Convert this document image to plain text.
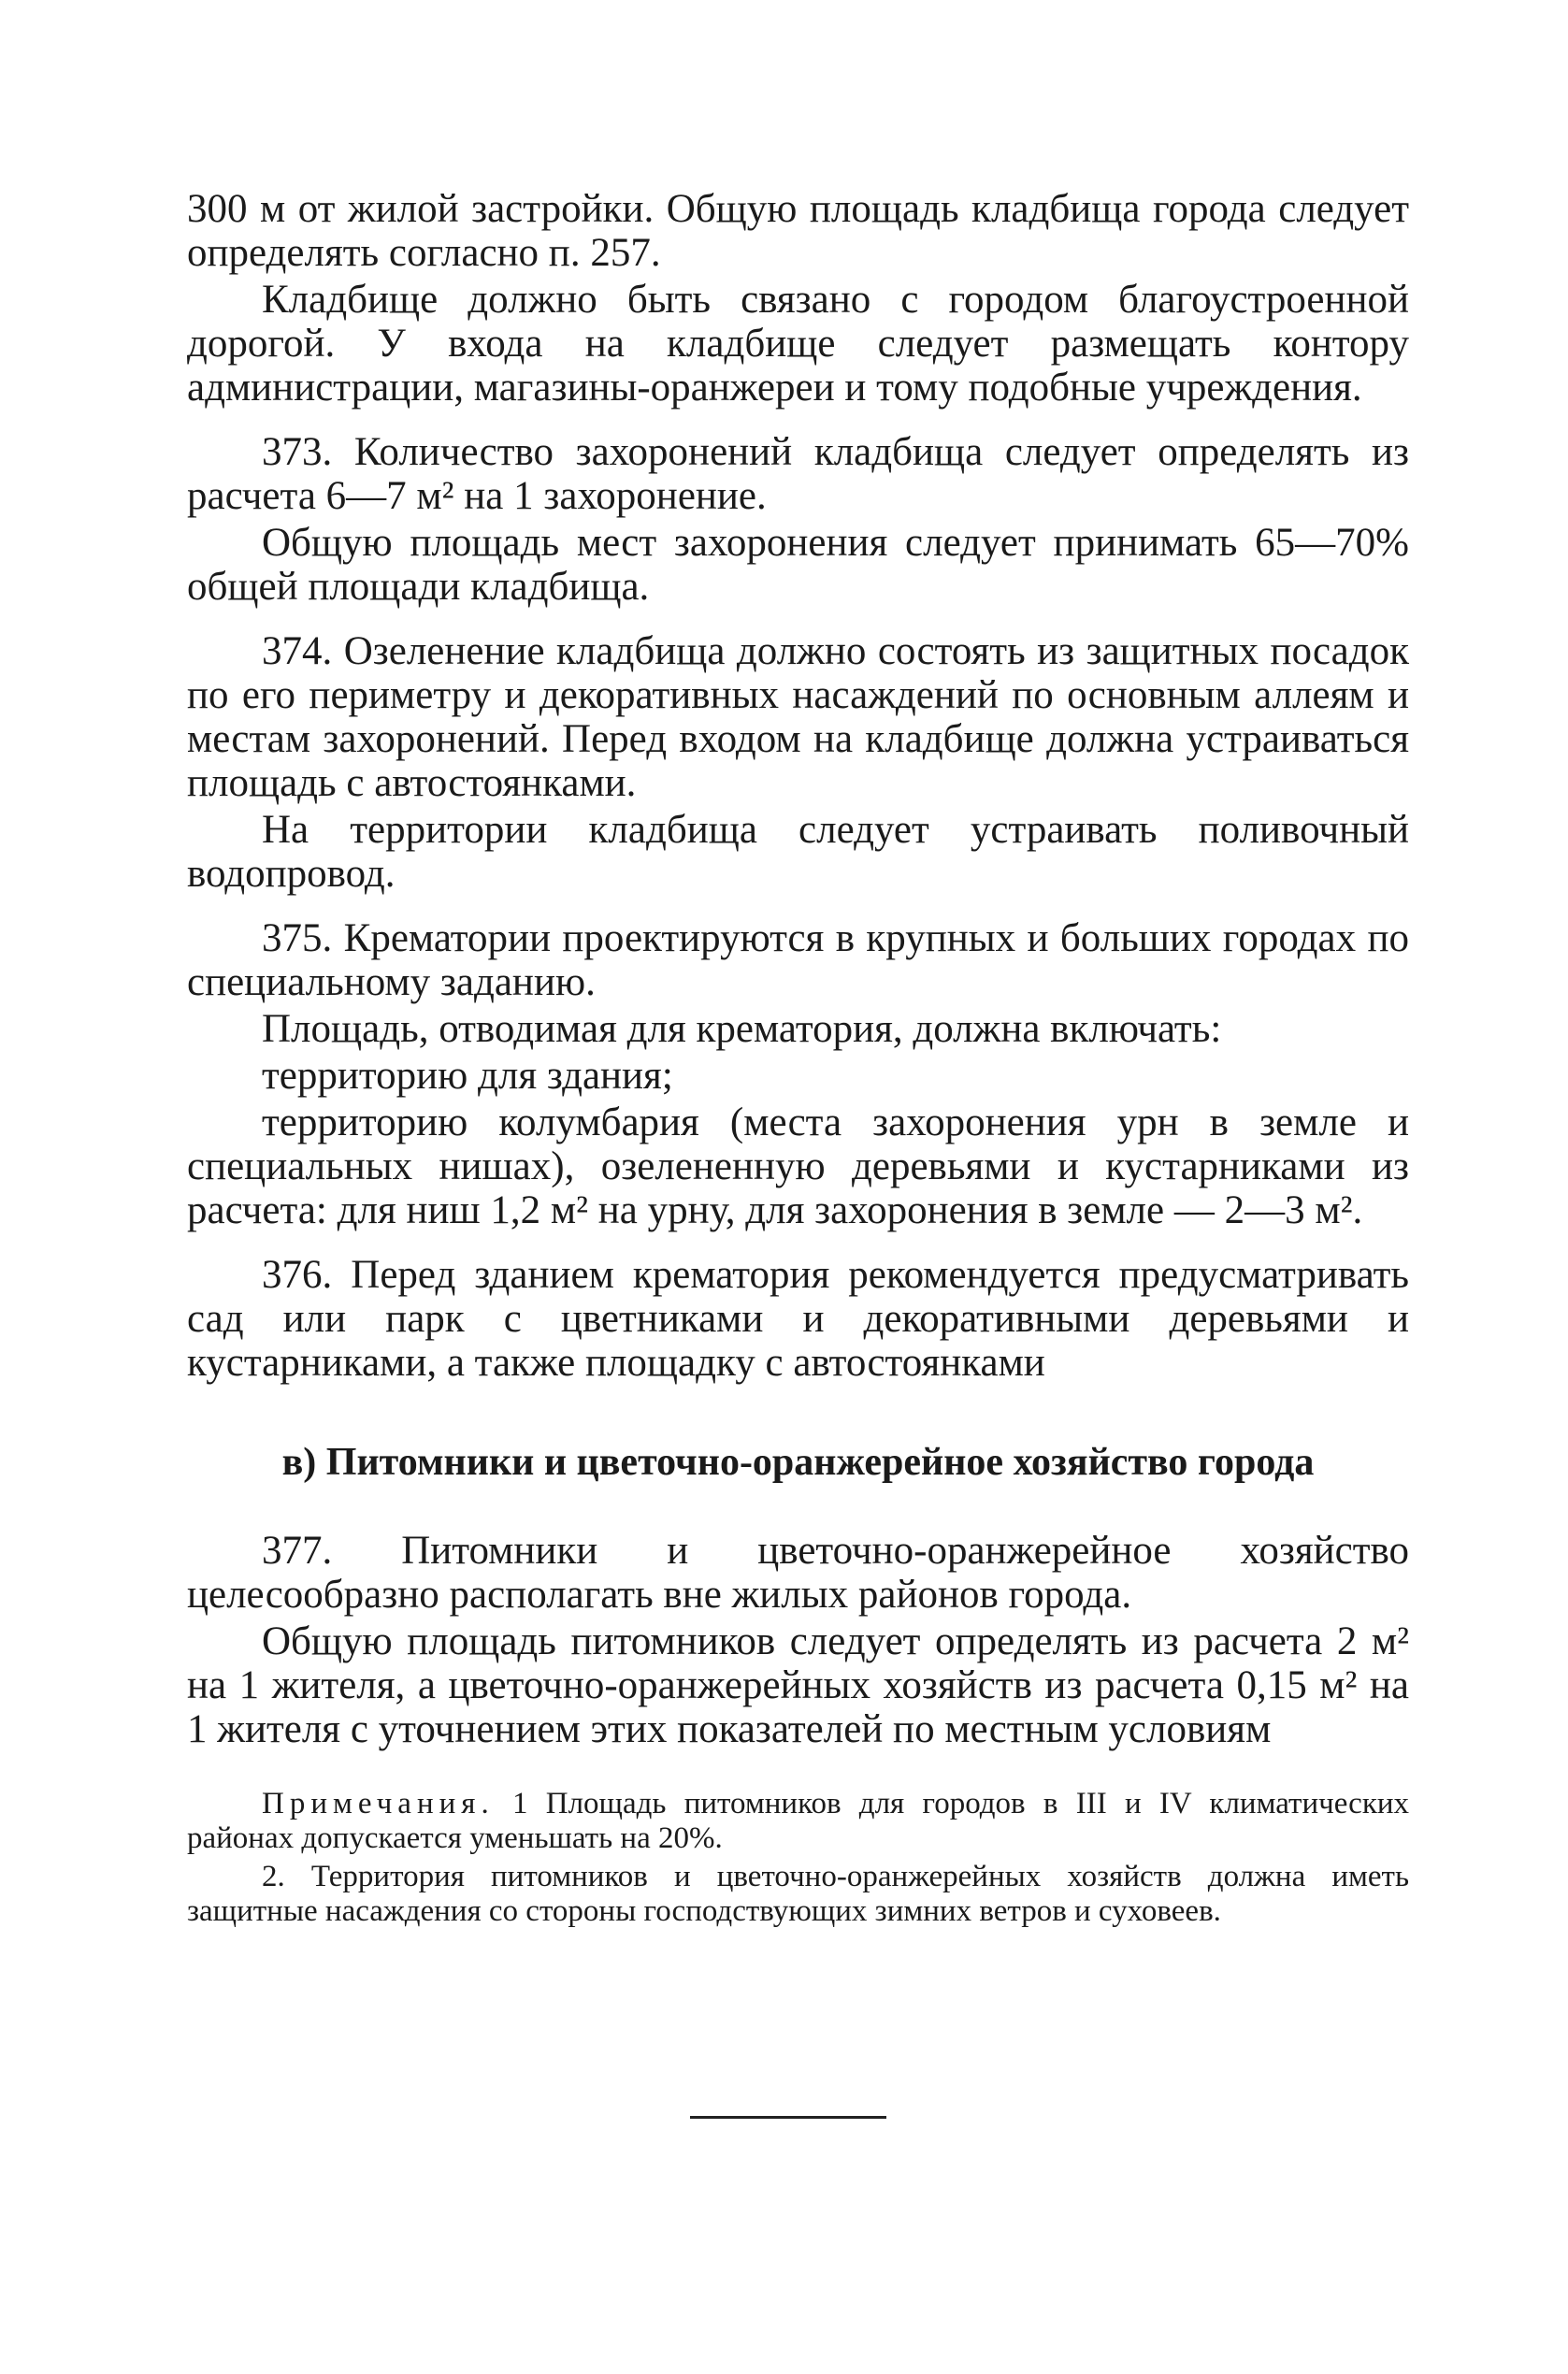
300 м от жилой застройки. Общую площадь кладбища города следует определять согласно п. 257.

Кладбище должно быть связано с городом благоустроенной дорогой. У входа на кладбище следует размещать контору администрации, магазины-оранжереи и тому подобные учреждения.

373. Количество захоронений кладбища следует определять из расчета 6—7 м² на 1 захоронение.

Общую площадь мест захоронения следует принимать 65—70% общей площади кладбища.

374. Озеленение кладбища должно состоять из защитных посадок по его периметру и декоративных насаждений по основным аллеям и местам захоронений. Перед входом на кладбище должна устраиваться площадь с автостоянками.

На территории кладбища следует устраивать поливочный водопровод.

375. Крематории проектируются в крупных и больших городах по специальному заданию.

Площадь, отводимая для крематория, должна включать:

территорию для здания;

территорию колумбария (места захоронения урн в земле и специальных нишах), озелененную деревьями и кустарниками из расчета: для ниш 1,2 м² на урну, для захоронения в земле — 2—3 м².

376. Перед зданием крематория рекомендуется предусматривать сад или парк с цветниками и декоративными деревьями и кустарниками, а также площадку с автостоянками

в) Питомники и цветочно-оранжерейное хозяйство города

377. Питомники и цветочно-оранжерейное хозяйство целесообразно располагать вне жилых районов города.

Общую площадь питомников следует определять из расчета 2 м² на 1 жителя, а цветочно-оранжерейных хозяйств из расчета 0,15 м² на 1 жителя с уточнением этих показателей по местным условиям

Примечания. 1 Площадь питомников для городов в III и IV климатических районах допускается уменьшать на 20%.

2. Территория питомников и цветочно-оранжерейных хозяйств должна иметь защитные насаждения со стороны господствующих зимних ветров и суховеев.
